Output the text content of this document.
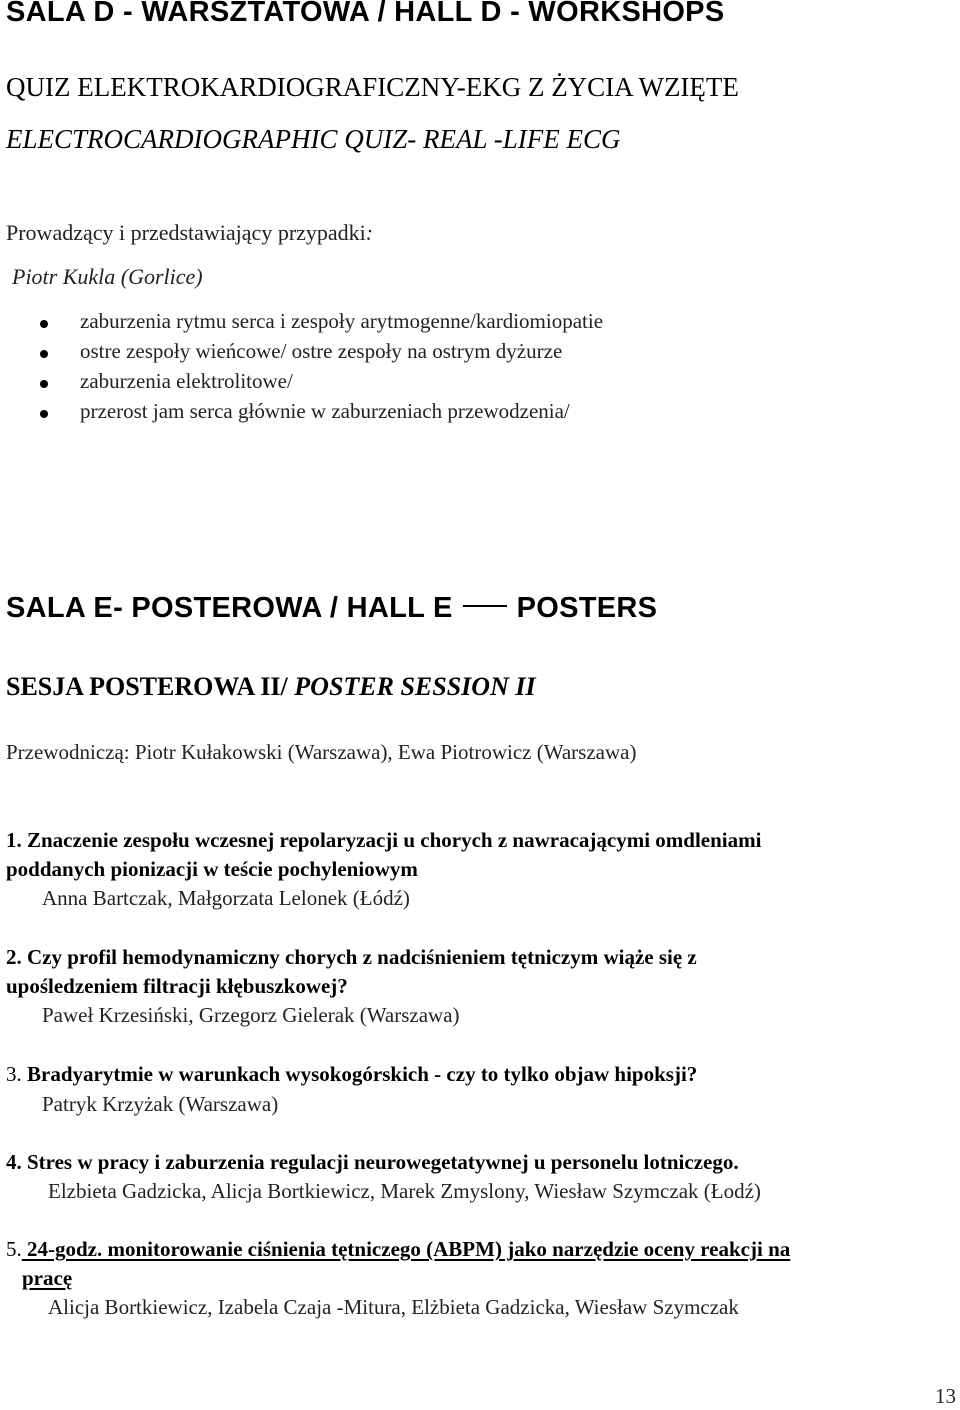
SALA D - WARSZTATOWA / HALL D - WORKSHOPS
QUIZ ELEKTROKARDIOGRAFICZNY-EKG Z ŻYCIA WZIĘTE
ELECTROCARDIOGRAPHIC QUIZ- REAL -LIFE ECG
Prowadzący i przedstawiający przypadki:
Piotr Kukla (Gorlice)
zaburzenia rytmu serca i zespoły arytmogenne/kardiomiopatie
ostre zespoły wieńcowe/ ostre zespoły na ostrym dyżurze
zaburzenia elektrolitowe/
przerost jam serca głównie w zaburzeniach przewodzenia/
SALA E- POSTEROWA / HALL E POSTERS
SESJA POSTEROWA II/ POSTER SESSION II
Przewodniczą: Piotr Kułakowski (Warszawa), Ewa Piotrowicz (Warszawa)
1. Znaczenie zespołu wczesnej repolaryzacji u chorych z nawracającymi omdleniami
poddanych pionizacji w teście pochyleniowym
Anna Bartczak, Małgorzata Lelonek (Łódź)
2. Czy profil hemodynamiczny chorych z nadciśnieniem tętniczym wiąże się z
upośledzeniem filtracji kłębuszkowej?
Paweł Krzesiński, Grzegorz Gielerak (Warszawa)
3. Bradyarytmie w warunkach wysokogórskich - czy to tylko objaw hipoksji?
Patryk Krzyżak (Warszawa)
4. Stres w pracy i zaburzenia regulacji neurowegetatywnej u personelu lotniczego.
Elzbieta Gadzicka, Alicja Bortkiewicz, Marek Zmyslony, Wiesław Szymczak (Łodź)
5. 24-godz. monitorowanie ciśnienia tętniczego (ABPM) jako narzędzie oceny reakcji na
pracę
Alicja Bortkiewicz, Izabela Czaja -Mitura, Elżbieta Gadzicka, Wiesław Szymczak
13
